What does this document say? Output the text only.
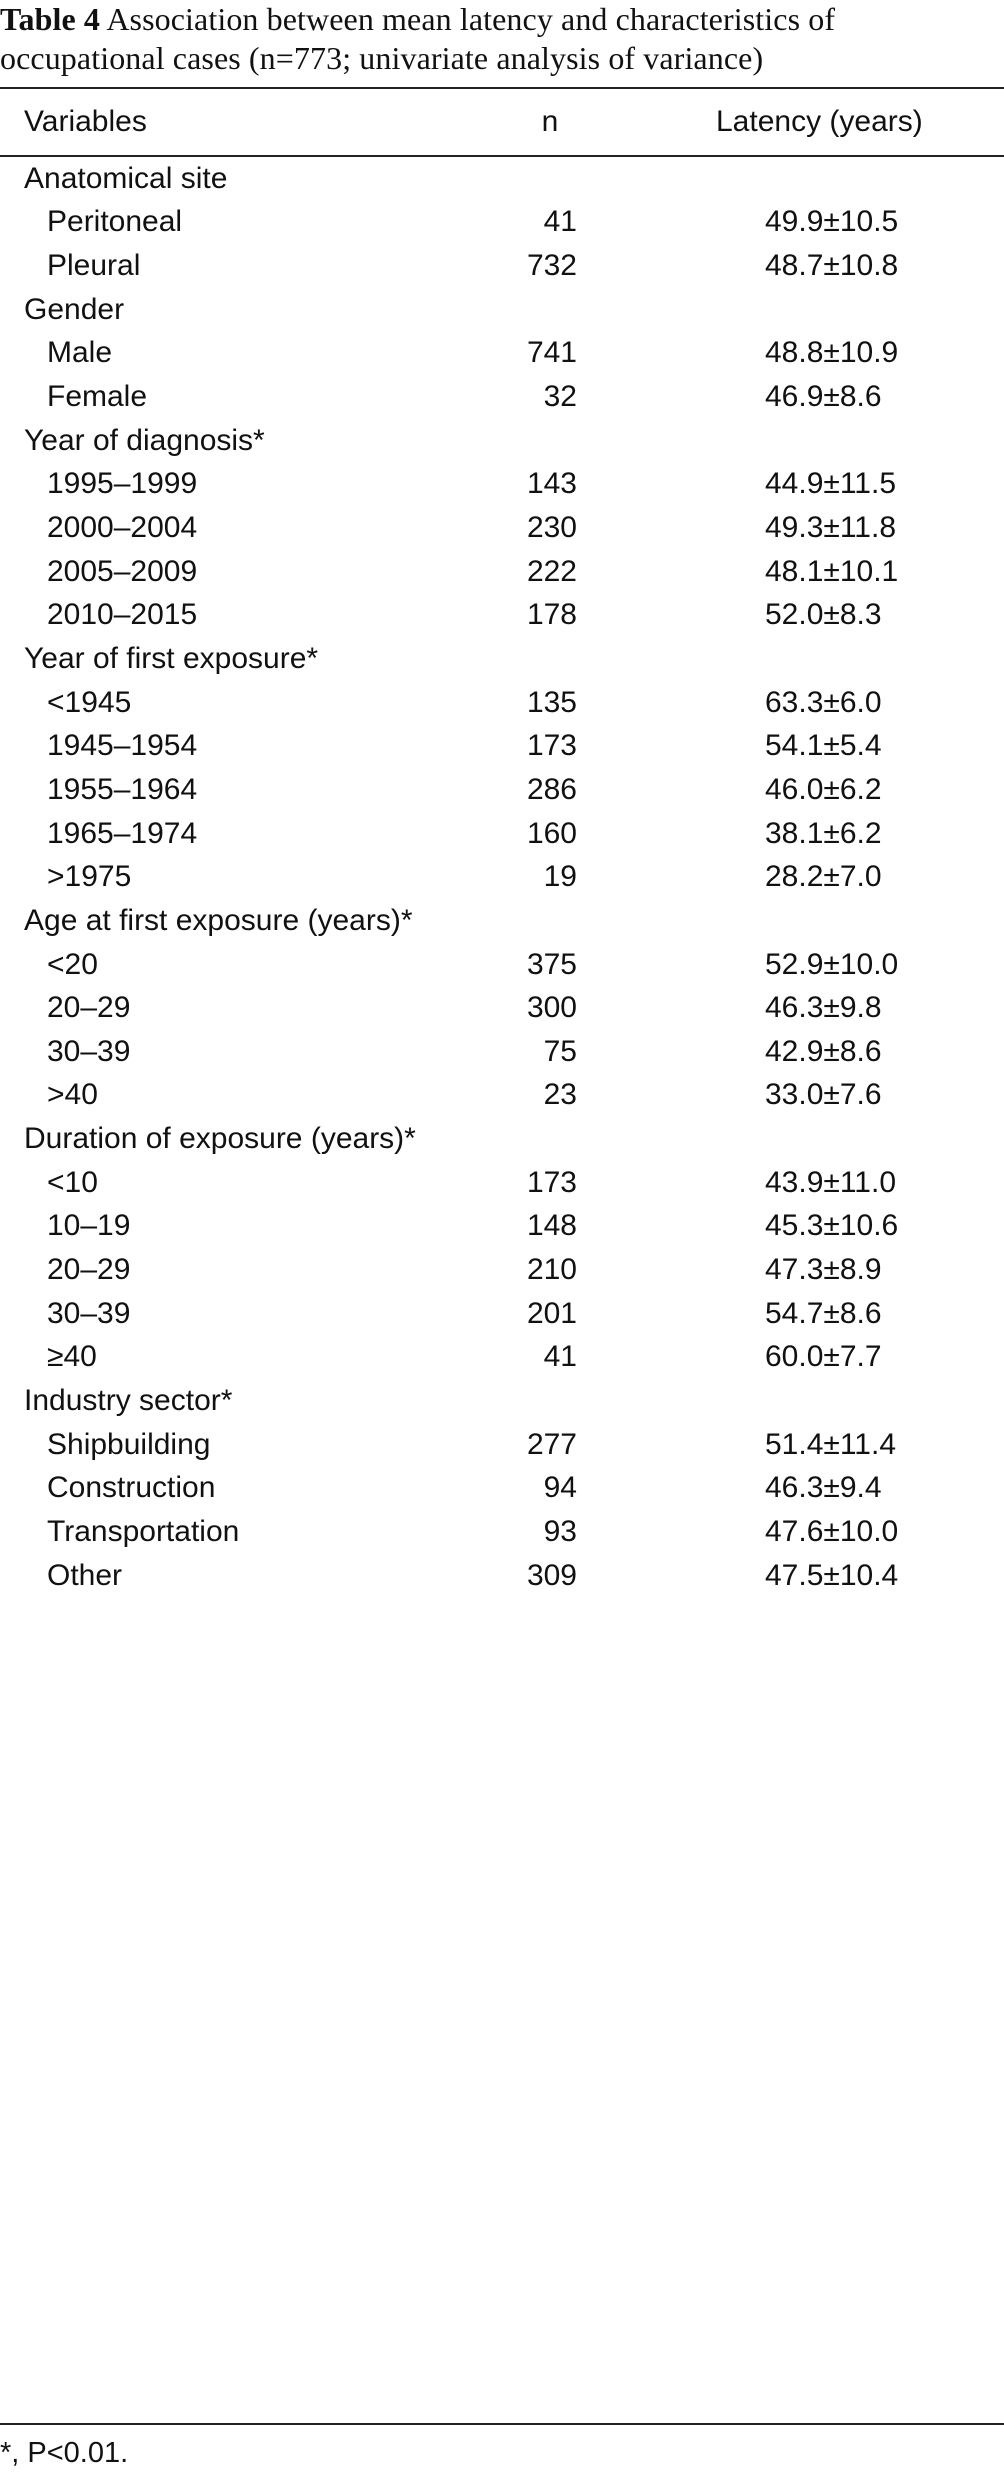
Table 4 Association between mean latency and characteristics of
occupational cases (n=773; univariate analysis of variance)
Variables	n	Latency (years)
Anatomical site
Peritoneal	41	49.9±10.5
Pleural	732	48.7±10.8
Gender
Male	741	48.8±10.9
Female	32	46.9±8.6
Year of diagnosis*
1995–1999	143	44.9±11.5
2000–2004	230	49.3±11.8
2005–2009	222	48.1±10.1
2010–2015	178	52.0±8.3
Year of first exposure*
<1945	135	63.3±6.0
1945–1954	173	54.1±5.4
1955–1964	286	46.0±6.2
1965–1974	160	38.1±6.2
>1975	19	28.2±7.0
Age at first exposure (years)*
<20	375	52.9±10.0
20–29	300	46.3±9.8
30–39	75	42.9±8.6
>40	23	33.0±7.6
Duration of exposure (years)*
<10	173	43.9±11.0
10–19	148	45.3±10.6
20–29	210	47.3±8.9
30–39	201	54.7±8.6
≥40	41	60.0±7.7
Industry sector*
Shipbuilding	277	51.4±11.4
Construction	94	46.3±9.4
Transportation	93	47.6±10.0
Other	309	47.5±10.4
*, P<0.01.
